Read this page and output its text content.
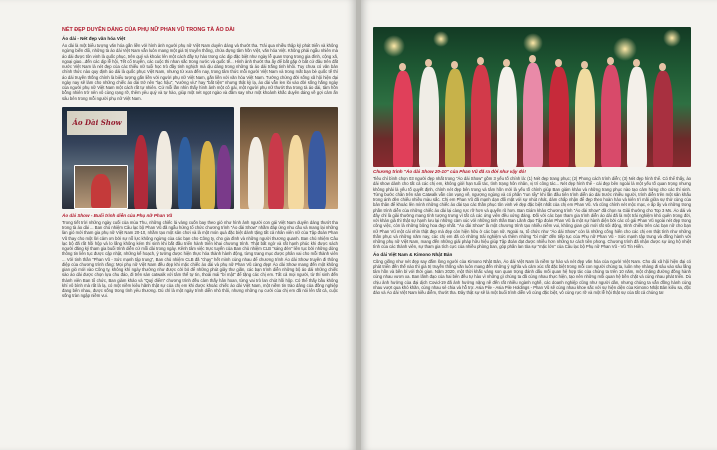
NÉT ĐẸP DUYÊN DÁNG CỦA PHỤ NỮ PHAN VŨ TRONG TÀ ÁO DÀI
Áo dài - Nét đẹp văn hóa Việt

Áo dài là một biểu tượng văn hóa gắn liền với hình ảnh người phụ nữ Việt Nam duyên dáng và thướt tha. Trải qua nhiều thập kỷ phát triển và không ngừng biến đổi, những tà áo dài Việt Nam vẫn luôn mang một giá trị truyền thống, chứa đựng tâm hồn Việt, văn hóa Việt. Không phải ngẫu nhiên mà áo dài được tôn vinh là quốc phục, trên quý và khoác lên một cách đầy tự hào trong các dịp đặc biệt như ngày lễ quan trọng trong gia đình, cộng xã, ngoại giao...đến các dịp lễ hội, Tết cổ truyền, các cuộc thi nhan sắc trong nước và quốc tế... Hình ảnh thướt tha ấy để bất gặp ở bất cứ đâu trên đất nước Việt Nam là nét đẹp của các thiếu nữ tuổi học trò đầy tinh nghịch mà dịu dàng trong những tà áo dài trắng tinh khôi. Tuy chưa có văn bản chính thức nào quy định áo dài là quốc phục Việt Nam, nhưng từ xưa đến nay, trong tâm thức mỗi người Việt Nam và trong mắt bạn bè quốc tế thì áo dài truyền thống chính là biểu tượng gắn liền với người phụ nữ Việt Nam, gắn liền với văn hóa Việt Nam. Tưởng chừng đời sống xã hội hiện đại ngày nay sẽ làm cho những chiếc áo dài trở nên "lạc hậu", "vướng víu" hay "bất tiện" nhưng thật kỳ lạ, áo dài vẫn len lỏi vào đời sống hằng ngày của người phụ nữ Việt Nam một cách rất tự nhiên. Cứ mỗi lần nhìn thấy hình ảnh một cô gái, một người phụ nữ thướt tha trong tà áo dài, tâm hồn bỗng nhiên trở nên vô cùng rạng rỡ, thêm yêu quý và tự hào, giúp một nét ngọt ngào và đầm say như một khoảnh khắc duyên dáng về gợi cảm ấn sâu bên trong mỗi người phụ nữ Việt Nam.

Áo Dài Show
Áo dài Show - Buổi trình diễn của Phụ nữ Phan Vũ

Trong tiết trời những ngày cuối của mùa Thu, những chiếc lá vàng cuốn bay theo gió như hình ảnh người con gái Việt Nam duyên dáng thướt tha trong tà áo dài ... Ban chủ nhiệm Câu lạc bộ Phan Vũ đã ngẫu hứng tổ chức chương trình "Áo dài Show" nhằm đáp ứng nhu cầu và mang lại những làn gió mới tham gia phụ nữ Việt Nam 20-10, nhằm tạo một sân chơi và là một món quà đặc biệt dành tặng tất cả nhân viên nữ của Tập đoàn Phan Vũ thay cho một lời cảm ơn bởi sự nỗ lực không ngừng của các bạn cho Công ty, cho gia đình và những người thương quanh. Ban chủ nhiệm Câu lạc bộ đã rất hồi hộp và lo lắng không kém thí sinh khi bắt đầu triển hành triển khai chương trình. Thật bất ngờ và rất hạnh phúc khi được sách người đăng ký tham gia buổi trình diễn cứ mỗi dài trong ngày. Kênh tâm việc trực tuyến của Ban chủ nhiệm CLB "sáng đèn" liên tục bởi những dòng thông tin liên tục được cập nhật, những kế hoạch, ý tưởng được hiện thực hóa thành hành động, từng trang mục được phân vai cho mỗi thành viên ... Với tinh thần "Phan Vũ - Sức mạnh tập trung", Ban chủ nhiệm CLB đã "chạy" hết mình cùng nhau để chương trình Áo dài Show truyền đi thông điệp của chương trình rằng: Mọi phụ nữ Việt Nam đều đẹp khi mặc chiếc áo dài và phụ nữ Phan Vũ càng đẹp! Áo dài Show mang đến một không gian gió mới vào Công ty, không khí ngày thường như được cởi bỏ để những phút giây thư giãn, các bạn trình diễn những bộ áo dài những chiếc sào áo dài được chọn lựa chu đáo, đi trên sàn catwalk với tâm thế tự tin, thoải mái "bí mật" để tặng các chị em. Tất cả mọi người, từ thí sinh đến thành viên Ban tổ chức, Ban giám khảo và "Quý điểm" chương trình đều cảm thấy hân hoan, từng vai trò lan chút hồi hộp. Có thể thấy bầu không khí vô bình mà rất là lạ, có một niềm kiêu hãnh thật sự của chị em khi được khoác chiếc áo dài Việt Nam, một niềm tin trào dâng của đồng nghiệp đang bên nhau, được sống trong tình yêu thương. Dù chỉ là một ngày trình diễn nhỏ thôi, nhưng những nụ cười của chị em đã nói lên tất cả, cuộc sống tràn ngập niềm vui.

Chương trình "Áo dài Show 20-10" của Phan Vũ đã ra đời như vậy đó!

Tiêu chí bình chọn 03 người đẹp nhất trong "Áo dài Show" gồm 3 yếu tố chính là: (1) Nét đẹp trang phục; (2) Phong cách trình diễn; (3) Nét đẹp hình thể. Có thể thấy, áo dài show dành cho tất cả các chị em, không giới hạn tuổi tác, tình trạng hôn nhân, vị trí công tác... Nét đẹp hình thể - cái đẹp bên ngoài là một yếu tố quan trọng nhưng không phải là yếu tố quyết định, chính nét đẹp bên trong và tâm hồn mới là yếu tố chính giúp Ban giám khảo và những trang phục nào tạo cảm hứng cho các thí sinh. Từng bước chân trên sân Catwalk vẫn còn vụng về, ngượng ngùng và có phần "run rẩy" khi lần đầu tiên trình diễn áo dài trước nhiều người, trình diễn trên một sân khấu trong ánh đèn chiếu nhiều màu sắc. Chị em Phan Vũ đã mạnh dạn đối mặt với sự nhút nhát, dám chấp nhận để đẹp theo hoàn hảo và kiên trì mãi giữa sự thử cùng của bản thân để khoác lên mình những chiếc áo dài tạo các thần phục tôn vinh vẻ đẹp đặc biệt nhất của chị em Phan Vũ. Và cũng chính nét mộc mạc, e ấp ấy và những trong phần trình diễn của những chiếc áo dài lại càng rực rỡ hơn và quyến rũ hơn. Ban Giám khảo Chương trình "Áo dài Show" đã chọn ra Giải thưởng cho Top 3 Ms. Áo dài và đây chỉ là giải thưởng mang tính tượng trưng vì tất cả các ứng viên đều xứng đáng. Đối với các bạn tham gia trình diễn áo dài đã là một trải nghiệm khó quên trong đời, với khán giả thì thật sự hạnh lưu lại những cảm xúc với những tinh thần Ban Lãnh đạo Tập đoàn Phan Vũ là một sự hành diện bởi các cô gái Phan Vũ ngoài nét đẹp trong công việc, còn là những bông hoa đẹp nhất. "Áo dài Show" là một chương trình tạo nhiều niềm vui, không gian gió mới rất sôi động, trình chiếu trên các bạn nữ cho bạn nữ Phan Vũ một cái nhìn thật đẹp mà đẹp còn hiện hữu ở các bạn nữ. Ngoài ra, tổ chức như "Áo dài Show" còn là những cống hiến cho các chị em thật tình như những thần phục và những năm nay, các chị em đã có những trải nghiệm và thêm những "bí mật" đến tiếp tục của Phụ nữ Phan Vũ - Sức mạnh tập trung và đồng hành với những phụ nữ Việt Nam, mang đến những giải pháp hữu hiệu giúp Tập đoàn đạt được nhiều hơn những tư cách tiên phong. Chương trình đã nhận được sự ủng hộ nhiệt tình của các thành viên, sự tham gia tích cực của nhiều phòng ban, góp phần lan tỏa sự "mặc lớn" của Câu lạc bộ Phụ nữ Phan Vũ - Vũ Tín Hiền.

Áo dài Việt Nam & Kimono Nhật Bản

Cũng giống như nét đẹp say đắm lòng người của Kimono Nhật Bản, Áo dài Việt Nam là niềm tự hào và nét đẹp văn hóa của người Việt Nam. Cho dù xã hội hiện đại có phát triển đến thế nào thì giá trị truyền thống văn luôn mang đến những ý nghĩa và cảm xúc rất đặc biệt trong mỗi con người chúng ta, luôn nhẹ nhàng đi sâu vào sâu lắng tâm hồn và bền bỉ với thời gian. Năm 2020, một thời khắc vàng son quan trọng đánh dấu mối quan hệ hợp tác của chúng ta trên 10 năm, một chặng đường đồng hành cùng nhau vươn xa. Ban lãnh đạo của hai bên đều tự hào vì những gì chúng ta đã cùng nhau thực hiện, tạo nên những mối quan hệ bền chặt và cùng nhau phát triển. Dù chịu ảnh hưởng của đại dịch Covid-19 đã ảnh hưởng nặng nề đến rất nhiều ngành nghề, các doanh nghiệp cũng như người dân, nhưng chúng ta vẫn đồng hành cùng nhau vượt qua khó khăn, cùng nhau sẻ chia và hỗ trợ. Asia Pile - Asia Pile Holdings - Phan Vũ sẽ cùng nhau khoe sắc với sự hiện diện của Kimono Nhật Bản kiêu sa, độc đáo và Áo dài Việt Nam kiều diễm, thướt tha. Đây thật sự sẽ là một buổi trình diễn vô cùng đặc biệt, vô cùng rực rỡ và một lễ hội thật sự của tất cả chúng ta!
